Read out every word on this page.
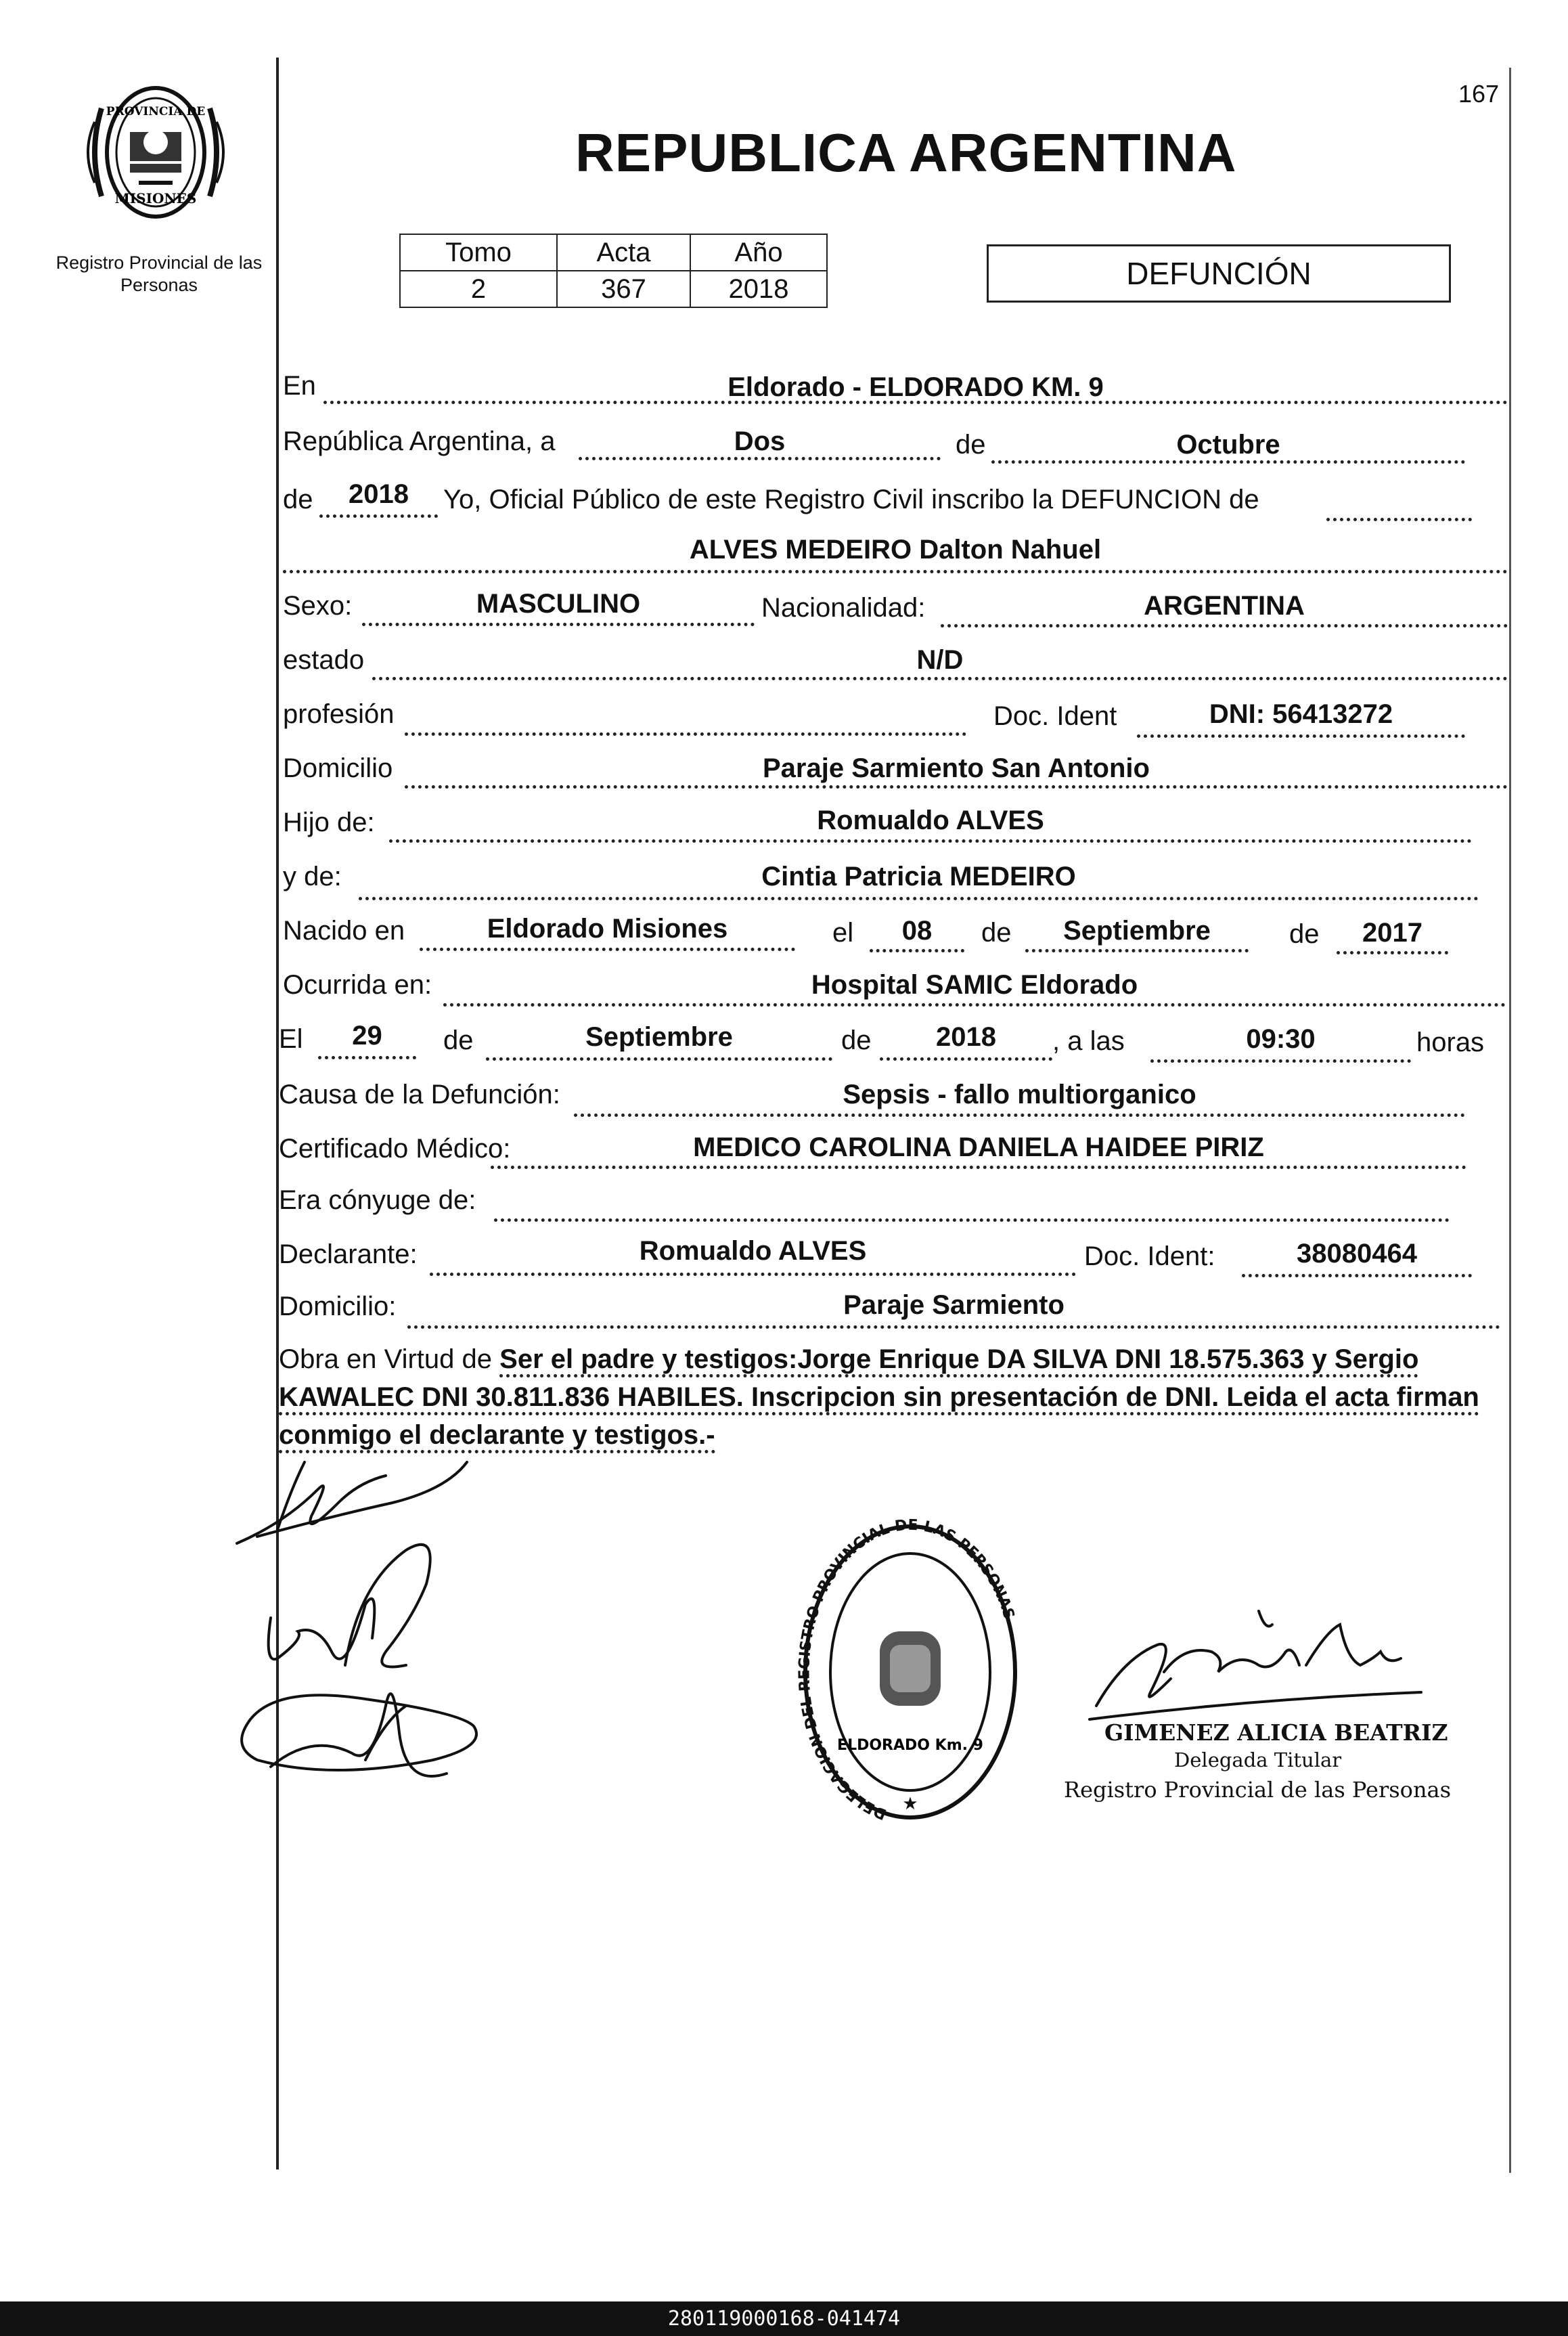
PROVINCIA DE
MISIONES
Registro Provincial de las Personas
167
REPUBLICA ARGENTINA
Tomo	Acta	Año
2	367	2018	DEFUNCIÓN
En	Eldorado - ELDORADO KM. 9
República Argentina, a	Dos	de	Octubre
de	2018	Yo, Oficial Público de este Registro Civil inscribo la DEFUNCION de
ALVES MEDEIRO Dalton Nahuel
Sexo:	MASCULINO	Nacionalidad:	ARGENTINA
estado	N/D
profesión	Doc. Ident	DNI: 56413272
Domicilio	Paraje Sarmiento San Antonio
Hijo de:	Romualdo ALVES
y de:	Cintia Patricia MEDEIRO
Nacido en	Eldorado Misiones	el	08	de	Septiembre	de	2017
Ocurrida en:	Hospital SAMIC Eldorado
El	29	de	Septiembre	de	2018	, a las	09:30	horas
Causa de la Defunción:	Sepsis - fallo multiorganico
Certificado Médico:	MEDICO CAROLINA DANIELA HAIDEE PIRIZ
Era cónyuge de:
Declarante:	Romualdo ALVES	Doc. Ident:	38080464
Domicilio:	Paraje Sarmiento
Obra en Virtud de Ser el padre y testigos:Jorge Enrique DA SILVA DNI 18.575.363 y Sergio KAWALEC DNI 30.811.836 HABILES. Inscripcion sin presentación de DNI. Leida el acta firman conmigo el declarante y testigos.-
DELEGACION DEL REGISTRO PROVINCIAL DE LAS PERSONAS
ELDORADO Km. 9
★
GIMENEZ ALICIA BEATRIZ
Delegada Titular
Registro Provincial de las Personas
280119000168-041474
